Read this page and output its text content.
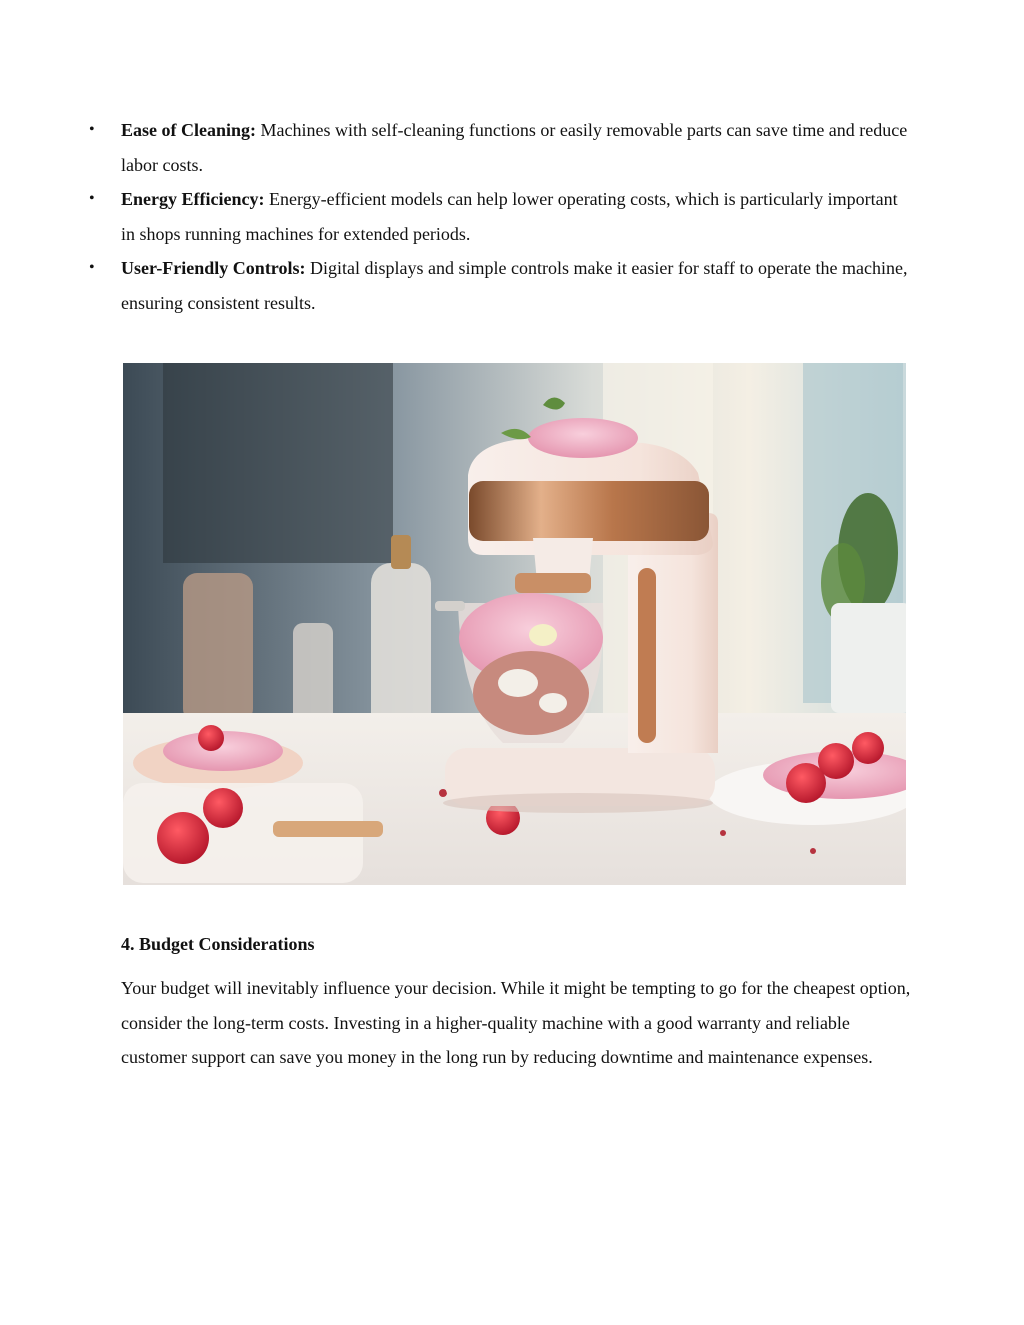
• Ease of Cleaning: Machines with self-cleaning functions or easily removable parts can save time and reduce labor costs.
• Energy Efficiency: Energy-efficient models can help lower operating costs, which is particularly important in shops running machines for extended periods.
• User-Friendly Controls: Digital displays and simple controls make it easier for staff to operate the machine, ensuring consistent results.
4. Budget Considerations

Your budget will inevitably influence your decision. While it might be tempting to go for the cheapest option, consider the long-term costs. Investing in a higher-quality machine with a good warranty and reliable customer support can save you money in the long run by reducing downtime and maintenance expenses.
